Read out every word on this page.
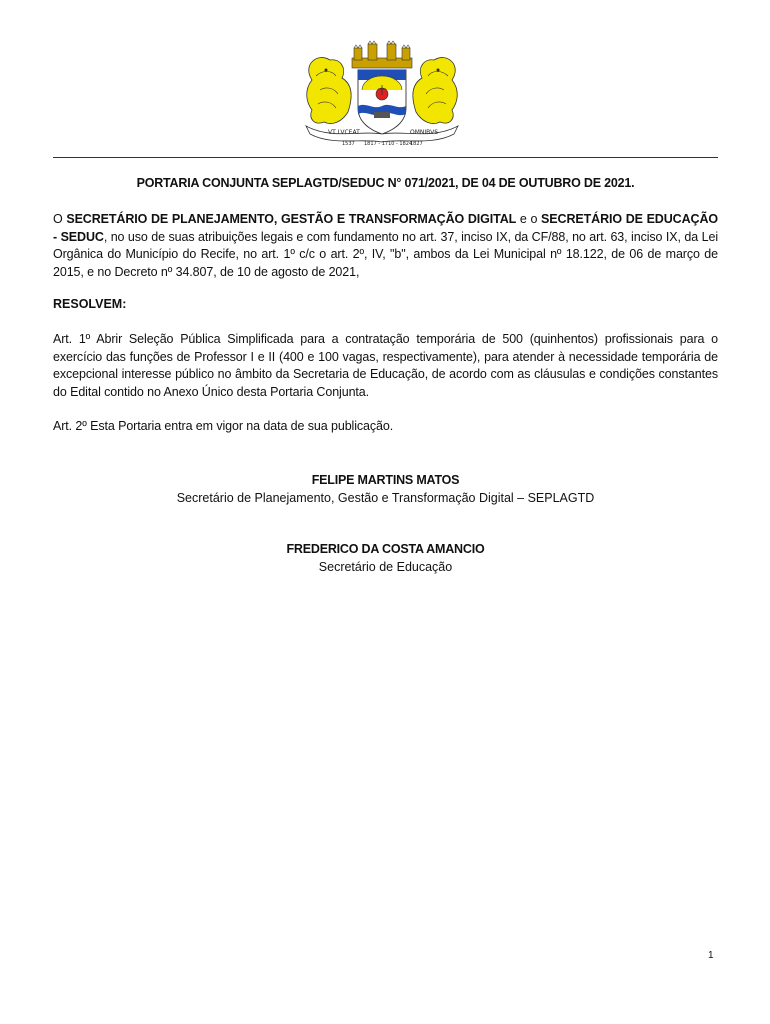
VT LVCEAT	OMNIBVS
1537 1817 - 1710 - 1824
1827
PORTARIA CONJUNTA SEPLAGTD/SEDUC N° 071/2021, DE 04 DE OUTUBRO DE 2021.
O SECRETÁRIO DE PLANEJAMENTO, GESTÃO E TRANSFORMAÇÃO DIGITAL e o SECRETÁRIO DE EDUCAÇÃO - SEDUC, no uso de suas atribuições legais e com fundamento no art. 37, inciso IX, da CF/88, no art. 63, inciso IX, da Lei Orgânica do Município do Recife, no art. 1º c/c o art. 2º, IV, "b", ambos da Lei Municipal nº 18.122, de 06 de março de 2015, e no Decreto nº 34.807, de 10 de agosto de 2021,
RESOLVEM:
Art. 1º Abrir Seleção Pública Simplificada para a contratação temporária de 500 (quinhentos) profissionais para o exercício das funções de Professor I e II (400 e 100 vagas, respectivamente), para atender à necessidade temporária de excepcional interesse público no âmbito da Secretaria de Educação, de acordo com as cláusulas e condições constantes do Edital contido no Anexo Único desta Portaria Conjunta.
Art. 2º Esta Portaria entra em vigor na data de sua publicação.
FELIPE MARTINS MATOS
Secretário de Planejamento, Gestão e Transformação Digital – SEPLAGTD
FREDERICO DA COSTA AMANCIO
Secretário de Educação
1
